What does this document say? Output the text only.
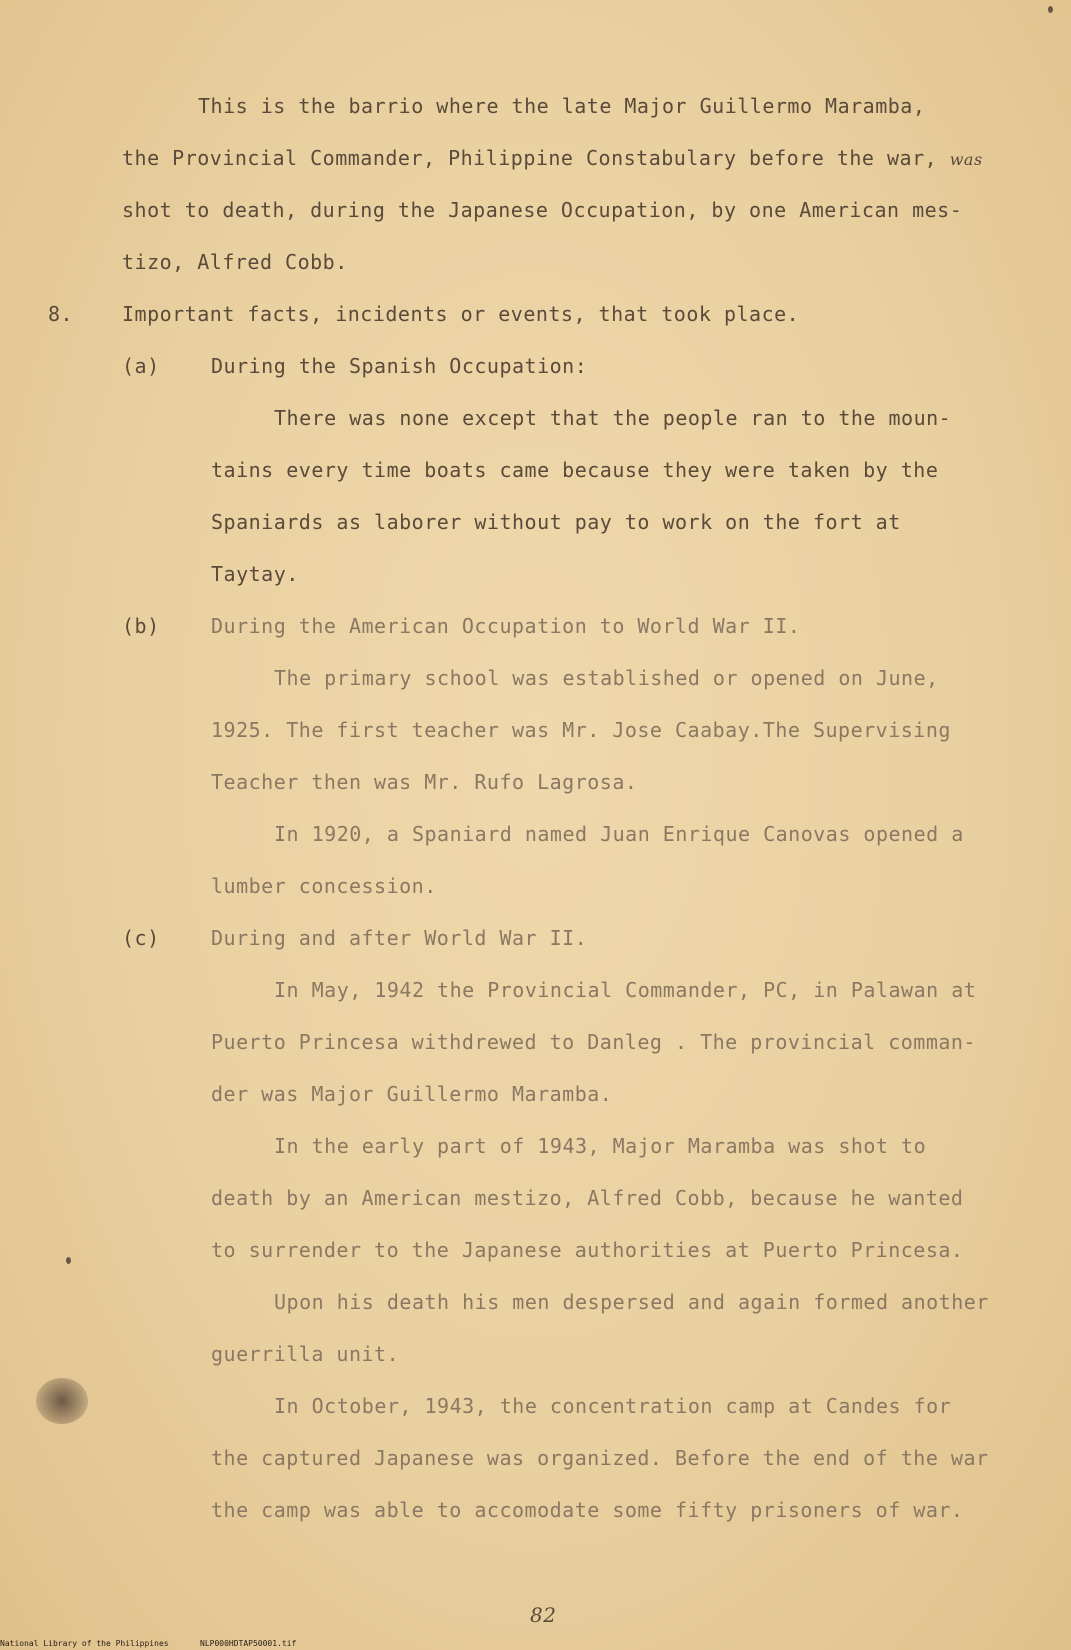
This is the barrio where the late Major Guillermo Maramba,
the Provincial Commander, Philippine Constabulary before the war, was
shot to death, during the Japanese Occupation, by one American mes-
tizo, Alfred Cobb.
8. Important facts, incidents or events, that took place.
(a)	During the Spanish Occupation:
There was none except that the people ran to the moun-
tains every time boats came because they were taken by the
Spaniards as laborer without pay to work on the fort at
Taytay.
(b)	During the American Occupation to World War II.
The primary school was established or opened on June,
1925. The first teacher was Mr. Jose Caabay.The Supervising
Teacher then was Mr. Rufo Lagrosa.
In 1920, a Spaniard named Juan Enrique Canovas opened a
lumber concession.
(c)	During and after World War II.
In May, 1942 the Provincial Commander, PC, in Palawan at
Puerto Princesa withdrewed to Danleg . The provincial comman-
der was Major Guillermo Maramba.
In the early part of 1943, Major Maramba was shot to
death by an American mestizo, Alfred Cobb, because he wanted
to surrender to the Japanese authorities at Puerto Princesa.
Upon his death his men despersed and again formed another
guerrilla unit.
In October, 1943, the concentration camp at Candes for
the captured Japanese was organized. Before the end of the war
the camp was able to accomodate some fifty prisoners of war.
82
National Library of the Philippines	NLP000HDTAP50001.tif
